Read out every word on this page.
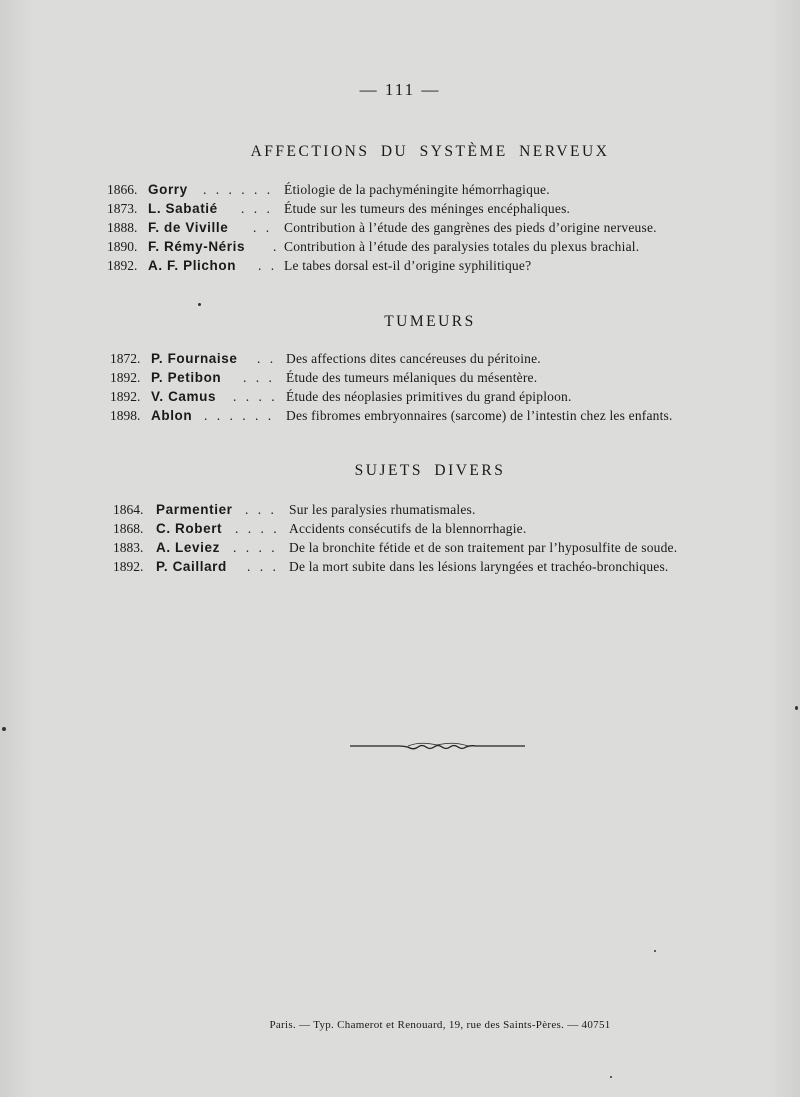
— 111 —
AFFECTIONS DU SYSTÈME NERVEUX
1866. Gorry . . . . . . Étiologie de la pachyméningite hémorrhagique.
1873. L. Sabatié . . . Étude sur les tumeurs des méninges encéphaliques.
1888. F. de Viville . . Contribution à l’étude des gangrènes des pieds d’origine nerveuse.
1890. F. Rémy-Néris . Contribution à l’étude des paralysies totales du plexus brachial.
1892. A. F. Plichon . . Le tabes dorsal est-il d’origine syphilitique?
TUMEURS
1872. P. Fournaise . . Des affections dites cancéreuses du péritoine.
1892. P. Petibon . . . Étude des tumeurs mélaniques du mésentère.
1892. V. Camus . . . . Étude des néoplasies primitives du grand épiploon.
1898. Ablon . . . . . . Des fibromes embryonnaires (sarcome) de l’intestin chez les enfants.
SUJETS DIVERS
1864. Parmentier . . . Sur les paralysies rhumatismales.
1868. C. Robert . . . . Accidents consécutifs de la blennorrhagie.
1883. A. Leviez . . . . De la bronchite fétide et de son traitement par l’hyposulfite de soude.
1892. P. Caillard . . . De la mort subite dans les lésions laryngées et trachéo-bronchiques.
Paris. — Typ. Chamerot et Renouard, 19, rue des Saints-Pères. — 40751
